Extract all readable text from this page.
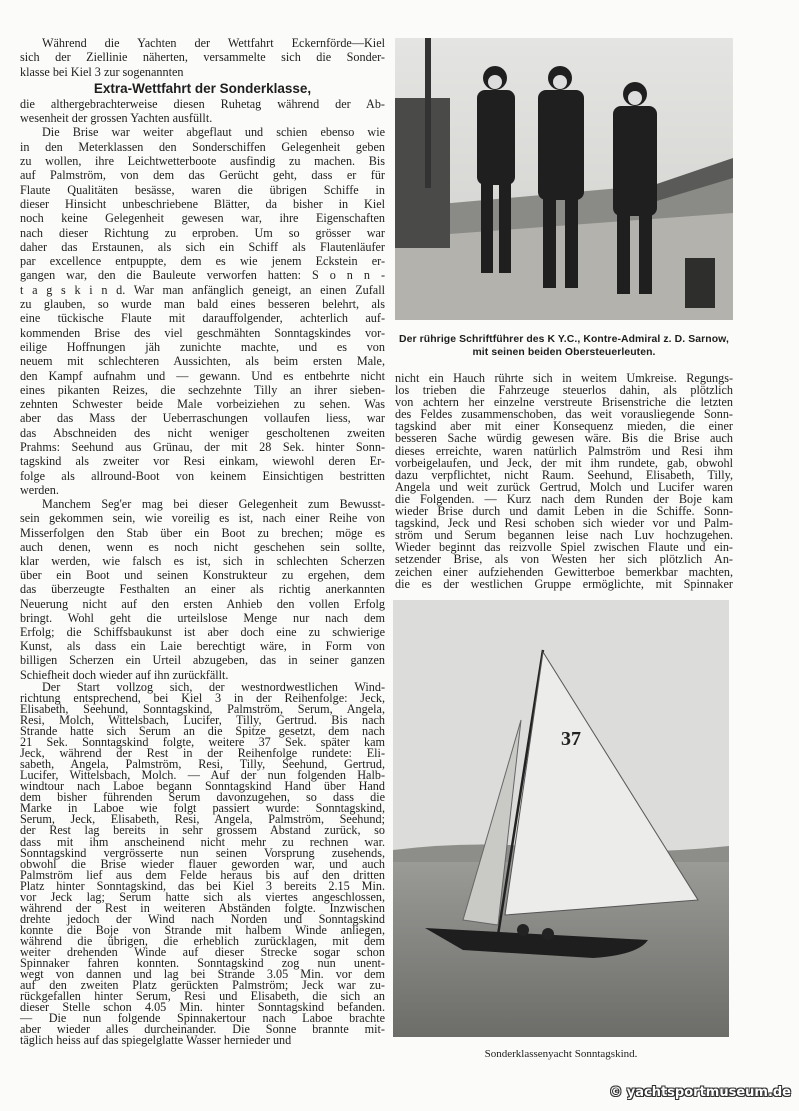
Während die Yachten der Wettfahrt Eckernförde—Kiel
sich der Ziellinie näherten, versammelte sich die Sonder-
klasse bei Kiel 3 zur sogenannten
Extra-Wettfahrt der Sonderklasse,
die althergebrachterweise diesen Ruhetag während der Ab-
wesenheit der grossen Yachten ausfüllt.
Die Brise war weiter abgeflaut und schien ebenso wie
in den Meterklassen den Sonderschiffen Gelegenheit geben
zu wollen, ihre Leichtwetterboote ausfindig zu machen. Bis
auf Palmström, von dem das Gerücht geht, dass er für
Flaute Qualitäten besässe, waren die übrigen Schiffe in
dieser Hinsicht unbeschriebene Blätter, da bisher in Kiel
noch keine Gelegenheit gewesen war, ihre Eigenschaften
nach dieser Richtung zu erproben. Um so grösser war
daher das Erstaunen, als sich ein Schiff als Flautenläufer
par excellence entpuppte, dem es wie jenem Eckstein er-
gangen war, den die Bauleute verworfen hatten: S o n n -
t a g s k i n d. War man anfänglich geneigt, an einen Zufall
zu glauben, so wurde man bald eines besseren belehrt, als
eine tückische Flaute mit darauffolgender, achterlich auf-
kommenden Brise des viel geschmähten Sonntagskindes vor-
eilige Hoffnungen jäh zunichte machte, und es von
neuem mit schlechteren Aussichten, als beim ersten Male,
den Kampf aufnahm und — gewann. Und es entbehrte nicht
eines pikanten Reizes, die sechzehnte Tilly an ihrer sieben-
zehnten Schwester beide Male vorbeiziehen zu sehen. Was
aber das Mass der Ueberraschungen vollaufen liess, war
das Abschneiden des nicht weniger gescholtenen zweiten
Prahms: Seehund aus Grünau, der mit 28 Sek. hinter Sonn-
tagskind als zweiter vor Resi einkam, wiewohl deren Er-
folge als allround-Boot von keinem Einsichtigen bestritten
werden.
Manchem Seg'er mag bei dieser Gelegenheit zum Bewusst-
sein gekommen sein, wie voreilig es ist, nach einer Reihe von
Misserfolgen den Stab über ein Boot zu brechen; möge es
auch denen, wenn es noch nicht geschehen sein sollte,
klar werden, wie falsch es ist, sich in schlechten Scherzen
über ein Boot und seinen Konstrukteur zu ergehen, dem
das überzeugte Festhalten an einer als richtig anerkannten
Neuerung nicht auf den ersten Anhieb den vollen Erfolg
bringt. Wohl geht die urteilslose Menge nur nach dem
Erfolg; die Schiffsbaukunst ist aber doch eine zu schwierige
Kunst, als dass ein Laie berechtigt wäre, in Form von
billigen Scherzen ein Urteil abzugeben, das in seiner ganzen
Schiefheit doch wieder auf ihn zurückfällt.
Der Start vollzog sich, der westnordwestlichen Wind-
richtung entsprechend, bei Kiel 3 in der Reihenfolge: Jeck,
Elisabeth, Seehund, Sonntagskind, Palmström, Serum, Angela,
Resi, Molch, Wittelsbach, Lucifer, Tilly, Gertrud. Bis nach
Strande hatte sich Serum an die Spitze gesetzt, dem nach
21 Sek. Sonntagskind folgte, weitere 37 Sek. später kam
Jeck, während der Rest in der Reihenfolge rundete: Eli-
sabeth, Angela, Palmström, Resi, Tilly, Seehund, Gertrud,
Lucifer, Wittelsbach, Molch. — Auf der nun folgenden Halb-
windtour nach Laboe begann Sonntagskind Hand über Hand
dem bisher führenden Serum davonzugehen, so dass die
Marke in Laboe wie folgt passiert wurde: Sonntagskind,
Serum, Jeck, Elisabeth, Resi, Angela, Palmström, Seehund;
der Rest lag bereits in sehr grossem Abstand zurück, so
dass mit ihm anscheinend nicht mehr zu rechnen war.
Sonntagskind vergrösserte nun seinen Vorsprung zusehends,
obwohl die Brise wieder flauer geworden war, und auch
Palmström lief aus dem Felde heraus bis auf den dritten
Platz hinter Sonntagskind, das bei Kiel 3 bereits 2.15 Min.
vor Jeck lag; Serum hatte sich als viertes angeschlossen,
während der Rest in weiteren Abständen folgte. Inzwischen
drehte jedoch der Wind nach Norden und Sonntagskind
konnte die Boje von Strande mit halbem Winde anliegen,
während die übrigen, die erheblich zurücklagen, mit dem
weiter drehenden Winde auf dieser Strecke sogar schon
Spinnaker fahren konnten. Sonntagskind zog nun unent-
wegt von dannen und lag bei Strande 3.05 Min. vor dem
auf den zweiten Platz gerückten Palmström; Jeck war zu-
rückgefallen hinter Serum, Resi und Elisabeth, die sich an
dieser Stelle schon 4.05 Min. hinter Sonntagskind befanden.
— Die nun folgende Spinnakertour nach Laboe brachte
aber wieder alles durcheinander. Die Sonne brannte mit-
täglich heiss auf das spiegelglatte Wasser hernieder und
Der rührige Schriftführer des K Y.C., Kontre-Admiral z. D. Sarnow,
mit seinen beiden Obersteuerleuten.
nicht ein Hauch rührte sich in weitem Umkreise. Regungs-
los trieben die Fahrzeuge steuerlos dahin, als plötzlich
von achtern her einzelne verstreute Brisenstriche die letzten
des Feldes zusammenschoben, das weit vorausliegende Sonn-
tagskind aber mit einer Konsequenz mieden, die einer
besseren Sache würdig gewesen wäre. Bis die Brise auch
dieses erreichte, waren natürlich Palmström und Resi ihm
vorbeigelaufen, und Jeck, der mit ihm rundete, gab, obwohl
dazu verpflichtet, nicht Raum. Seehund, Elisabeth, Tilly,
Angela und weit zurück Gertrud, Molch und Lucifer waren
die Folgenden. — Kurz nach dem Runden der Boje kam
wieder Brise durch und damit Leben in die Schiffe. Sonn-
tagskind, Jeck und Resi schoben sich wieder vor und Palm-
ström und Serum begannen leise nach Luv hochzugehen.
Wieder beginnt das reizvolle Spiel zwischen Flaute und ein-
setzender Brise, als von Westen her sich plötzlich An-
zeichen einer aufziehenden Gewitterboe bemerkbar machten,
die es der westlichen Gruppe ermöglichte, mit Spinnaker
37
Sonderklassenyacht Sonntagskind.
© yachtsportmuseum.de
